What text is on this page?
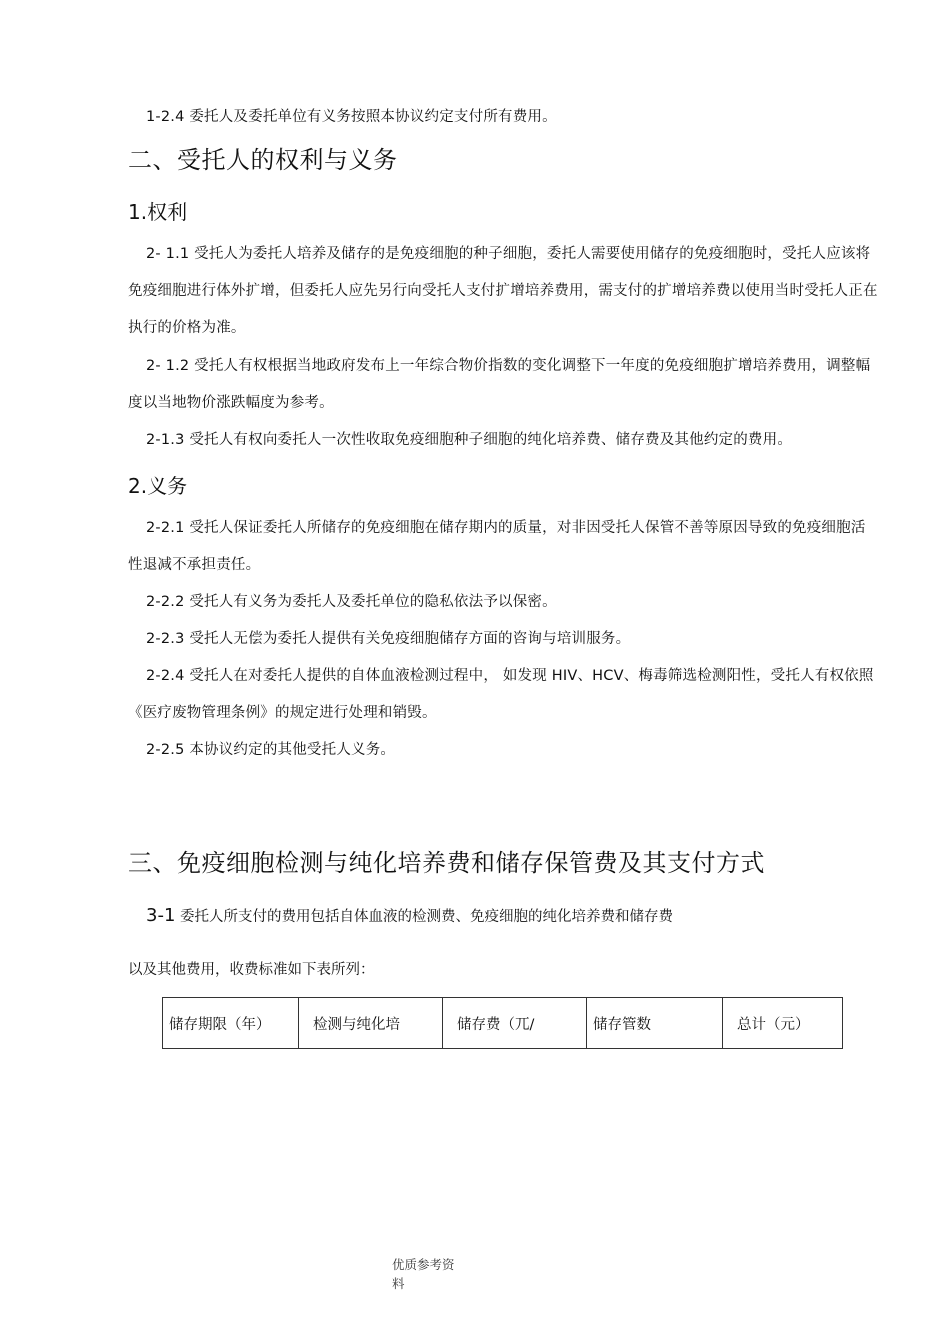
1-2.4 委托人及委托单位有义务按照本协议约定支付所有费用。
二、受托人的权利与义务
1.权利
2- 1.1 受托人为委托人培养及储存的是免疫细胞的种子细胞，委托人需要使用储存的免疫细胞时，受托人应该将免疫细胞进行体外扩增，但委托人应先另行向受托人支付扩增培养费用，需支付的扩增培养费以使用当时受托人正在执行的价格为准。
2- 1.2 受托人有权根据当地政府发布上一年综合物价指数的变化调整下一年度的免疫细胞扩增培养费用，调整幅度以当地物价涨跌幅度为参考。
2-1.3 受托人有权向委托人一次性收取免疫细胞种子细胞的纯化培养费、储存费及其他约定的费用。
2.义务
2-2.1 受托人保证委托人所储存的免疫细胞在储存期内的质量，对非因受托人保管不善等原因导致的免疫细胞活性退减不承担责任。
2-2.2 受托人有义务为委托人及委托单位的隐私依法予以保密。
2-2.3 受托人无偿为委托人提供有关免疫细胞储存方面的咨询与培训服务。
2-2.4 受托人在对委托人提供的自体血液检测过程中， 如发现 HIV、HCV、梅毒筛选检测阳性，受托人有权依照《医疗废物管理条例》的规定进行处理和销毁。
2-2.5 本协议约定的其他受托人义务。
三、免疫细胞检测与纯化培养费和储存保管费及其支付方式
3-1 委托人所支付的费用包括自体血液的检测费、免疫细胞的纯化培养费和储存费
以及其他费用，收费标准如下表所列：
储存期限（年）	检测与纯化培	储存费（兀/	储存管数	总计（元）
优质参考资
料
